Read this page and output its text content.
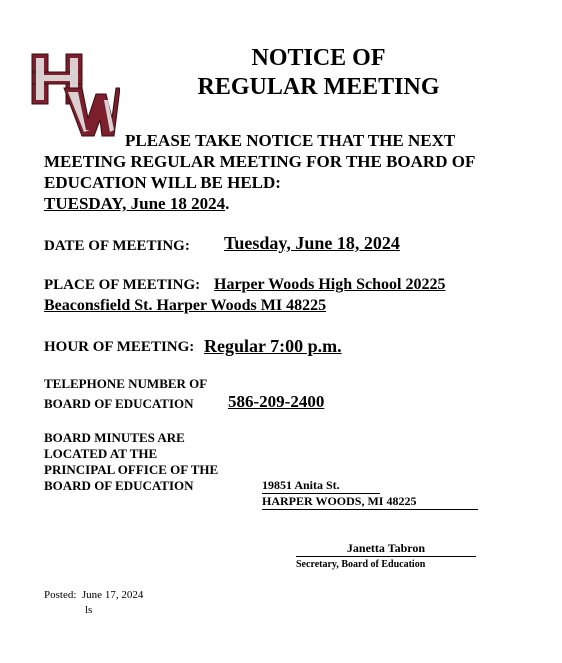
NOTICE OF
REGULAR MEETING
PLEASE TAKE NOTICE THAT THE NEXT
MEETING REGULAR MEETING FOR THE BOARD OF
EDUCATION WILL BE HELD:
TUESDAY, June 18 2024.
DATE OF MEETING: Tuesday, June 18, 2024
PLACE OF MEETING: Harper Woods High School 20225
Beaconsfield St. Harper Woods MI 48225
HOUR OF MEETING: Regular 7:00 p.m.
TELEPHONE NUMBER OF
BOARD OF EDUCATION 586-209-2400
BOARD MINUTES ARE
LOCATED AT THE
PRINCIPAL OFFICE OF THE
BOARD OF EDUCATION	19851 Anita St.
HARPER WOODS, MI 48225
Janetta Tabron
Secretary, Board of Education
Posted: June 17, 2024
ls
